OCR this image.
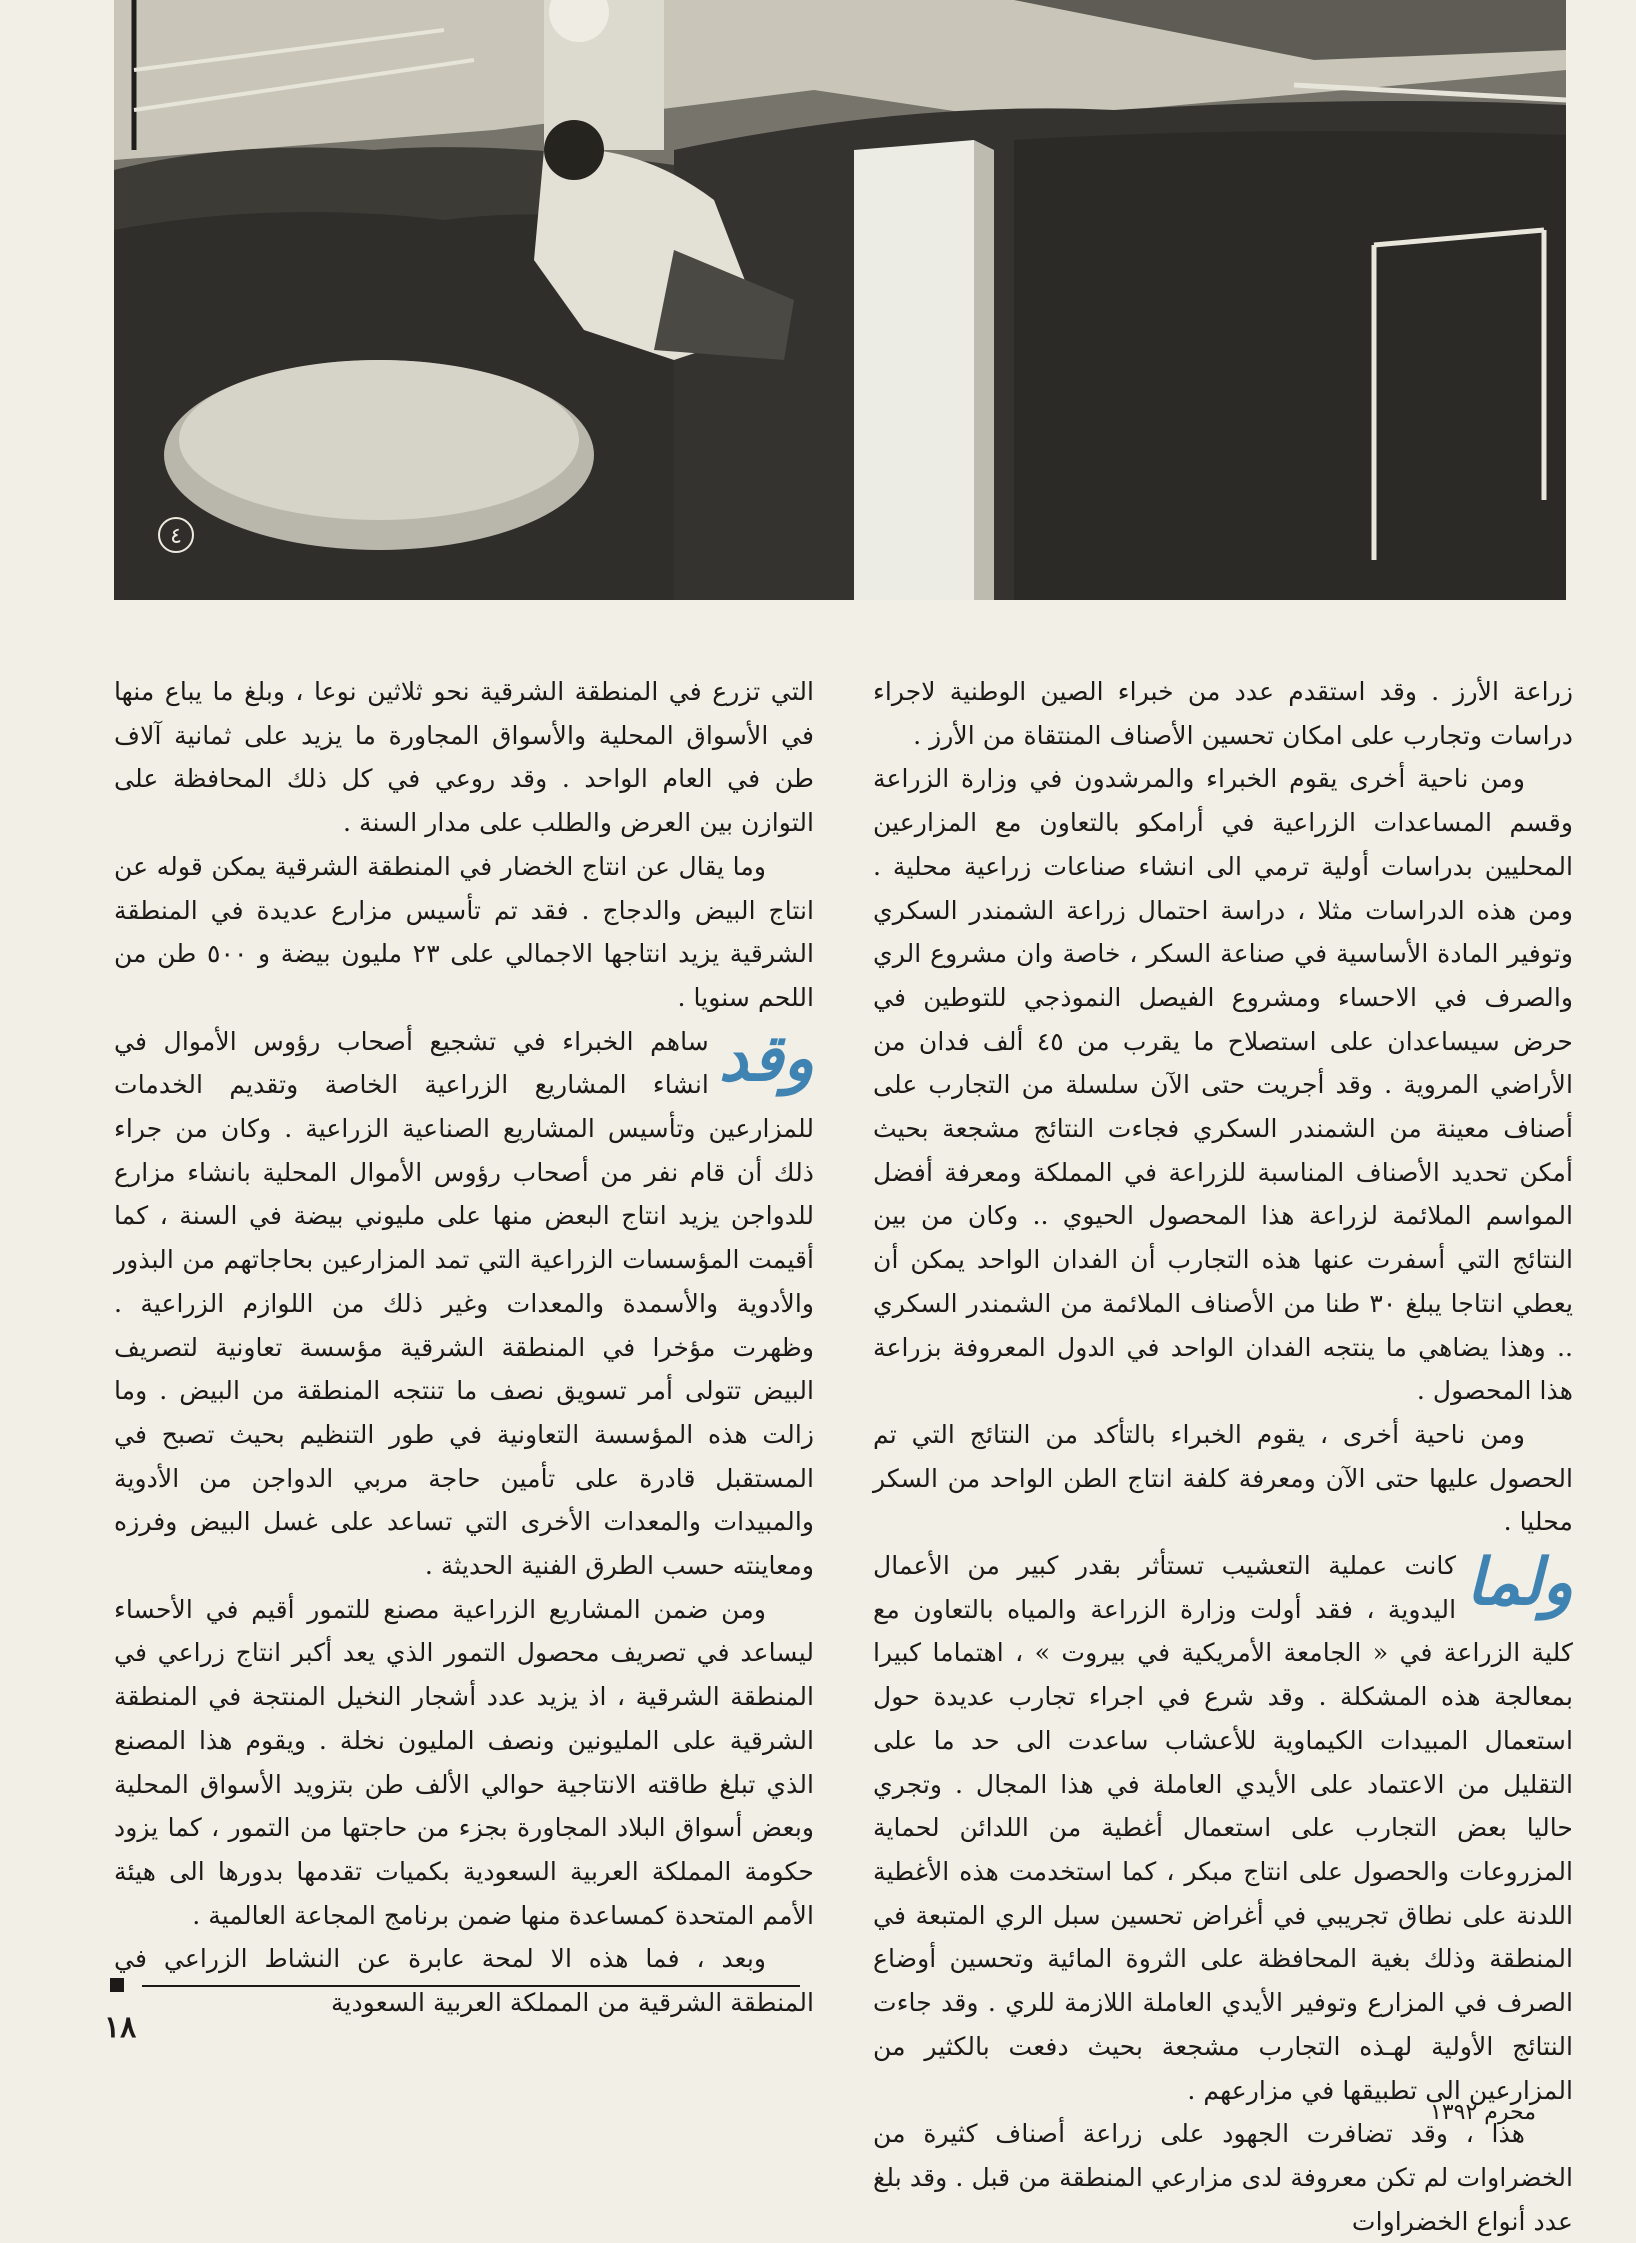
٤

زراعة الأرز . وقد استقدم عدد من خبراء الصين الوطنية لاجراء دراسات وتجارب على امكان تحسين الأصناف المنتقاة من الأرز .

ومن ناحية أخرى يقوم الخبراء والمرشدون في وزارة الزراعة وقسم المساعدات الزراعية في أرامكو بالتعاون مع المزارعين المحليين بدراسات أولية ترمي الى انشاء صناعات زراعية محلية . ومن هذه الدراسات مثلا ، دراسة احتمال زراعة الشمندر السكري وتوفير المادة الأساسية في صناعة السكر ، خاصة وان مشروع الري والصرف في الاحساء ومشروع الفيصل النموذجي للتوطين في حرض سيساعدان على استصلاح ما يقرب من ٤٥ ألف فدان من الأراضي المروية . وقد أجريت حتى الآن سلسلة من التجارب على أصناف معينة من الشمندر السكري فجاءت النتائج مشجعة بحيث أمكن تحديد الأصناف المناسبة للزراعة في المملكة ومعرفة أفضل المواسم الملائمة لزراعة هذا المحصول الحيوي .. وكان من بين النتائج التي أسفرت عنها هذه التجارب أن الفدان الواحد يمكن أن يعطي انتاجا يبلغ ٣٠ طنا من الأصناف الملائمة من الشمندر السكري .. وهذا يضاهي ما ينتجه الفدان الواحد في الدول المعروفة بزراعة هذا المحصول .

ومن ناحية أخرى ، يقوم الخبراء بالتأكد من النتائج التي تم الحصول عليها حتى الآن ومعرفة كلفة انتاج الطن الواحد من السكر محليا .

ولما
كانت عملية التعشيب تستأثر بقدر كبير من الأعمال اليدوية ، فقد أولت وزارة الزراعة والمياه بالتعاون مع كلية الزراعة في « الجامعة الأمريكية في بيروت » ، اهتماما كبيرا بمعالجة هذه المشكلة . وقد شرع في اجراء تجارب عديدة حول استعمال المبيدات الكيماوية للأعشاب ساعدت الى حد ما على التقليل من الاعتماد على الأيدي العاملة في هذا المجال . وتجري حاليا بعض التجارب على استعمال أغطية من اللدائن لحماية المزروعات والحصول على انتاج مبكر ، كما استخدمت هذه الأغطية اللدنة على نطاق تجريبي في أغراض تحسين سبل الري المتبعة في المنطقة وذلك بغية المحافظة على الثروة المائية وتحسين أوضاع الصرف في المزارع وتوفير الأيدي العاملة اللازمة للري . وقد جاءت النتائج الأولية لهـذه التجارب مشجعة بحيث دفعت بالكثير من المزارعين الى تطبيقها في مزارعهم .

هذا ، وقد تضافرت الجهود على زراعة أصناف كثيرة من الخضراوات لم تكن معروفة لدى مزارعي المنطقة من قبل . وقد بلغ عدد أنواع الخضراوات

التي تزرع في المنطقة الشرقية نحو ثلاثين نوعا ، وبلغ ما يباع منها في الأسواق المحلية والأسواق المجاورة ما يزيد على ثمانية آلاف طن في العام الواحد . وقد روعي في كل ذلك المحافظة على التوازن بين العرض والطلب على مدار السنة .

وما يقال عن انتاج الخضار في المنطقة الشرقية يمكن قوله عن انتاج البيض والدجاج . فقد تم تأسيس مزارع عديدة في المنطقة الشرقية يزيد انتاجها الاجمالي على ٢٣ مليون بيضة و ٥٠٠ طن من اللحم سنويا .

وقد
ساهم الخبراء في تشجيع أصحاب رؤوس الأموال في انشاء المشاريع الزراعية الخاصة وتقديم الخدمات للمزارعين وتأسيس المشاريع الصناعية الزراعية . وكان من جراء ذلك أن قام نفر من أصحاب رؤوس الأموال المحلية بانشاء مزارع للدواجن يزيد انتاج البعض منها على مليوني بيضة في السنة ، كما أقيمت المؤسسات الزراعية التي تمد المزارعين بحاجاتهم من البذور والأدوية والأسمدة والمعدات وغير ذلك من اللوازم الزراعية . وظهرت مؤخرا في المنطقة الشرقية مؤسسة تعاونية لتصريف البيض تتولى أمر تسويق نصف ما تنتجه المنطقة من البيض . وما زالت هذه المؤسسة التعاونية في طور التنظيم بحيث تصبح في المستقبل قادرة على تأمين حاجة مربي الدواجن من الأدوية والمبيدات والمعدات الأخرى التي تساعد على غسل البيض وفرزه ومعاينته حسب الطرق الفنية الحديثة .

ومن ضمن المشاريع الزراعية مصنع للتمور أقيم في الأحساء ليساعد في تصريف محصول التمور الذي يعد أكبر انتاج زراعي في المنطقة الشرقية ، اذ يزيد عدد أشجار النخيل المنتجة في المنطقة الشرقية على المليونين ونصف المليون نخلة . ويقوم هذا المصنع الذي تبلغ طاقته الانتاجية حوالي الألف طن بتزويد الأسواق المحلية وبعض أسواق البلاد المجاورة بجزء من حاجتها من التمور ، كما يزود حكومة المملكة العربية السعودية بكميات تقدمها بدورها الى هيئة الأمم المتحدة كمساعدة منها ضمن برنامج المجاعة العالمية .

وبعد ، فما هذه الا لمحة عابرة عن النشاط الزراعي في المنطقة الشرقية من المملكة العربية السعودية

١٨
محرم ١٣٩٢
